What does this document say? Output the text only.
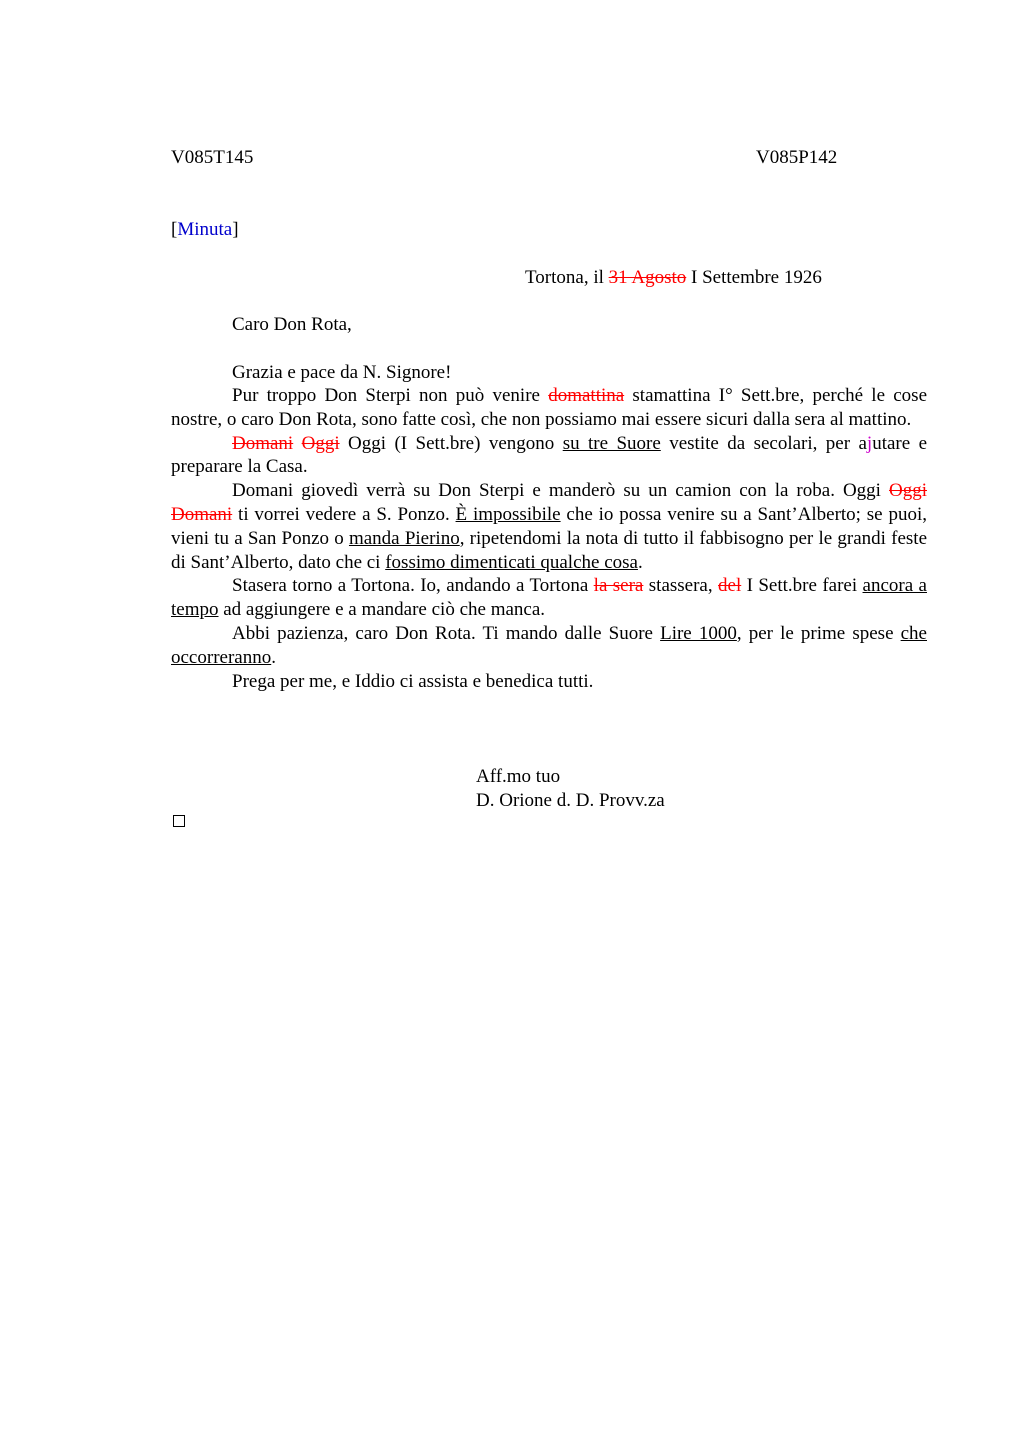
V085T145	V085P142
[Minuta]
Tortona, il 31 Agosto I Settembre 1926
Caro Don Rota,
Grazia e pace da N. Signore!

Pur troppo Don Sterpi non può venire domattina stamattina I° Sett.bre, perché le cose nostre, o caro Don Rota, sono fatte così, che non possiamo mai essere sicuri dalla sera al mattino.

Domani Oggi Oggi (I Sett.bre) vengono su tre Suore vestite da secolari, per ajutare e preparare la Casa.

Domani giovedì verrà su Don Sterpi e manderò su un camion con la roba. Oggi Oggi Domani ti vorrei vedere a S. Ponzo. È impossibile che io possa venire su a Sant’Alberto; se puoi, vieni tu a San Ponzo o manda Pierino, ripetendomi la nota di tutto il fabbisogno per le grandi feste di Sant’Alberto, dato che ci fossimo dimenticati qualche cosa.

Stasera torno a Tortona. Io, andando a Tortona la sera stassera, del I Sett.bre farei ancora a tempo ad aggiungere e a mandare ciò che manca.

Abbi pazienza, caro Don Rota. Ti mando dalle Suore Lire 1000, per le prime spese che occorreranno.

Prega per me, e Iddio ci assista e benedica tutti.

Aff.mo tuo
D. Orione d. D. Provv.za
